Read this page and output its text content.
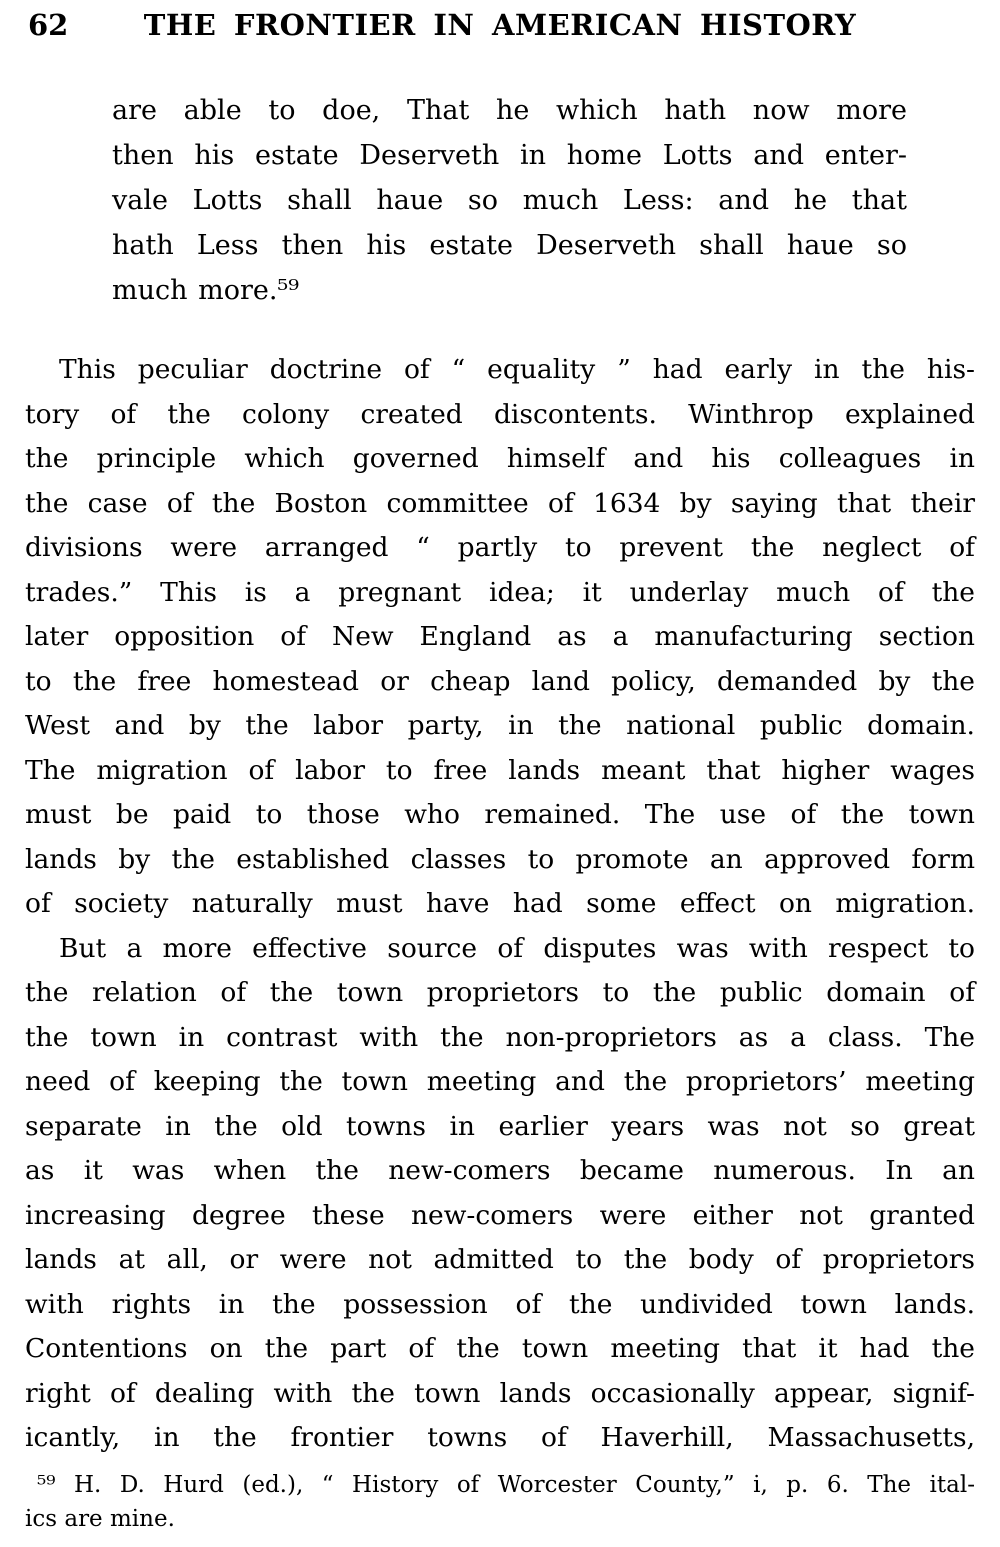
62	THE FRONTIER IN AMERICAN HISTORY
are able to doe, That he which hath now more
then his estate Deserveth in home Lotts and enter-
vale Lotts shall haue so much Less: and he that
hath Less then his estate Deserveth shall haue so
much more.⁵⁹
This peculiar doctrine of “ equality ” had early in the his-
tory of the colony created discontents. Winthrop explained
the principle which governed himself and his colleagues in
the case of the Boston committee of 1634 by saying that their
divisions were arranged “ partly to prevent the neglect of
trades.” This is a pregnant idea; it underlay much of the
later opposition of New England as a manufacturing section
to the free homestead or cheap land policy, demanded by the
West and by the labor party, in the national public domain.
The migration of labor to free lands meant that higher wages
must be paid to those who remained. The use of the town
lands by the established classes to promote an approved form
of society naturally must have had some effect on migration.
But a more effective source of disputes was with respect to
the relation of the town proprietors to the public domain of
the town in contrast with the non-proprietors as a class. The
need of keeping the town meeting and the proprietors’ meeting
separate in the old towns in earlier years was not so great
as it was when the new-comers became numerous. In an
increasing degree these new-comers were either not granted
lands at all, or were not admitted to the body of proprietors
with rights in the possession of the undivided town lands.
Contentions on the part of the town meeting that it had the
right of dealing with the town lands occasionally appear, signif-
icantly, in the frontier towns of Haverhill, Massachusetts,
⁵⁹ H. D. Hurd (ed.), “ History of Worcester County,” i, p. 6. The ital-
ics are mine.
